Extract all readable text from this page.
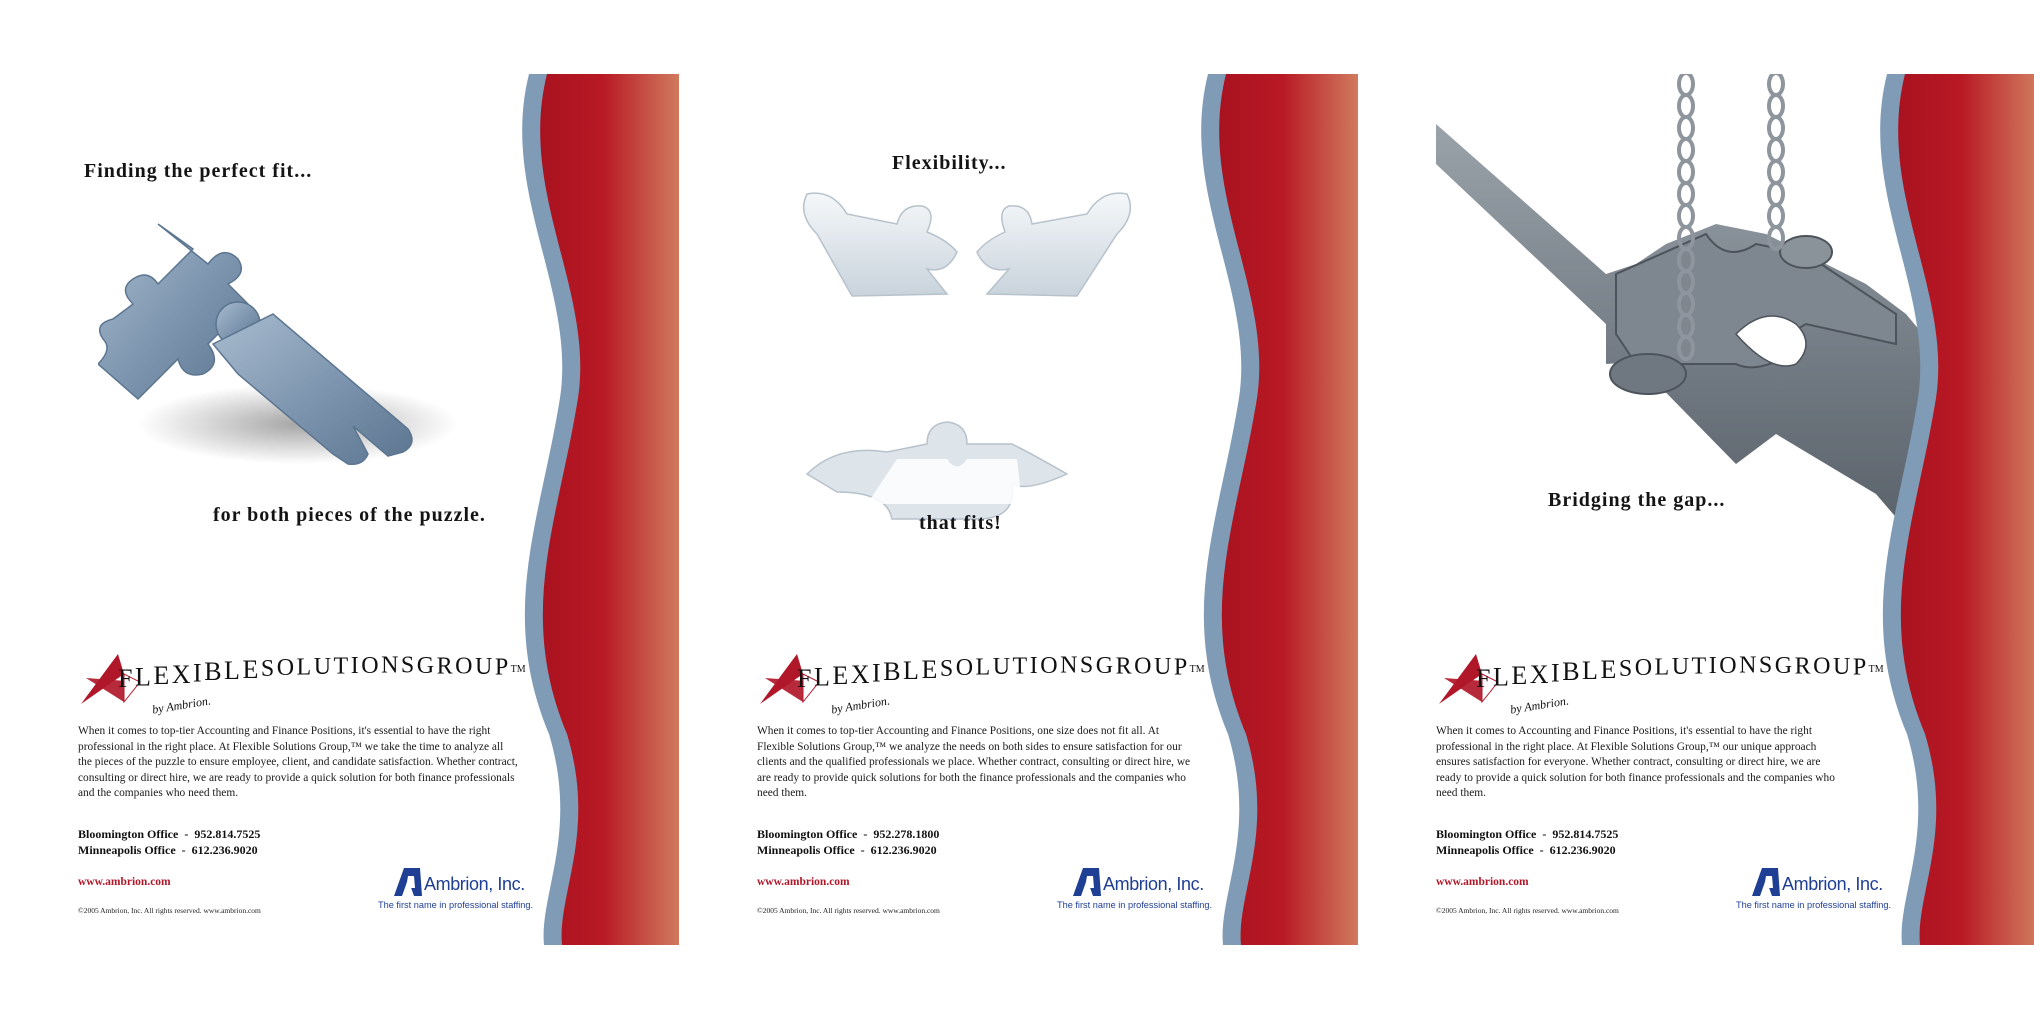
Finding the perfect fit...
for both pieces of the puzzle.
FLEXIBLESOLUTIONSGROUP™
by Ambrion.

When it comes to top-tier Accounting and Finance Positions, it's essential to have the right professional in the right place. At Flexible Solutions Group,™ we take the time to analyze all the pieces of the puzzle to ensure employee, client, and candidate satisfaction. Whether contract, consulting or direct hire, we are ready to provide a quick solution for both finance professionals and the companies who need them.

Bloomington Office  -  952.814.7525
Minneapolis Office  -  612.236.9020
www.ambrion.com
©2005 Ambrion, Inc. All rights reserved. www.ambrion.com
Ambrion, Inc.
The first name in professional staffing.
Flexibility...
that fits!
FLEXIBLESOLUTIONSGROUP™
by Ambrion.

When it comes to top-tier Accounting and Finance Positions, one size does not fit all. At Flexible Solutions Group,™ we analyze the needs on both sides to ensure satisfaction for our clients and the qualified professionals we place. Whether contract, consulting or direct hire, we are ready to provide quick solutions for both the finance professionals and the companies who need them.

Bloomington Office  -  952.278.1800
Minneapolis Office  -  612.236.9020
www.ambrion.com
©2005 Ambrion, Inc. All rights reserved. www.ambrion.com
Ambrion, Inc.
The first name in professional staffing.
Bridging the gap...
FLEXIBLESOLUTIONSGROUP™
by Ambrion.

When it comes to Accounting and Finance Positions, it's essential to have the right professional in the right place. At Flexible Solutions Group,™ our unique approach ensures satisfaction for everyone. Whether contract, consulting or direct hire, we are ready to provide a quick solution for both finance professionals and the companies who need them.

Bloomington Office  -  952.814.7525
Minneapolis Office  -  612.236.9020
www.ambrion.com
©2005 Ambrion, Inc. All rights reserved. www.ambrion.com
Ambrion, Inc.
The first name in professional staffing.
